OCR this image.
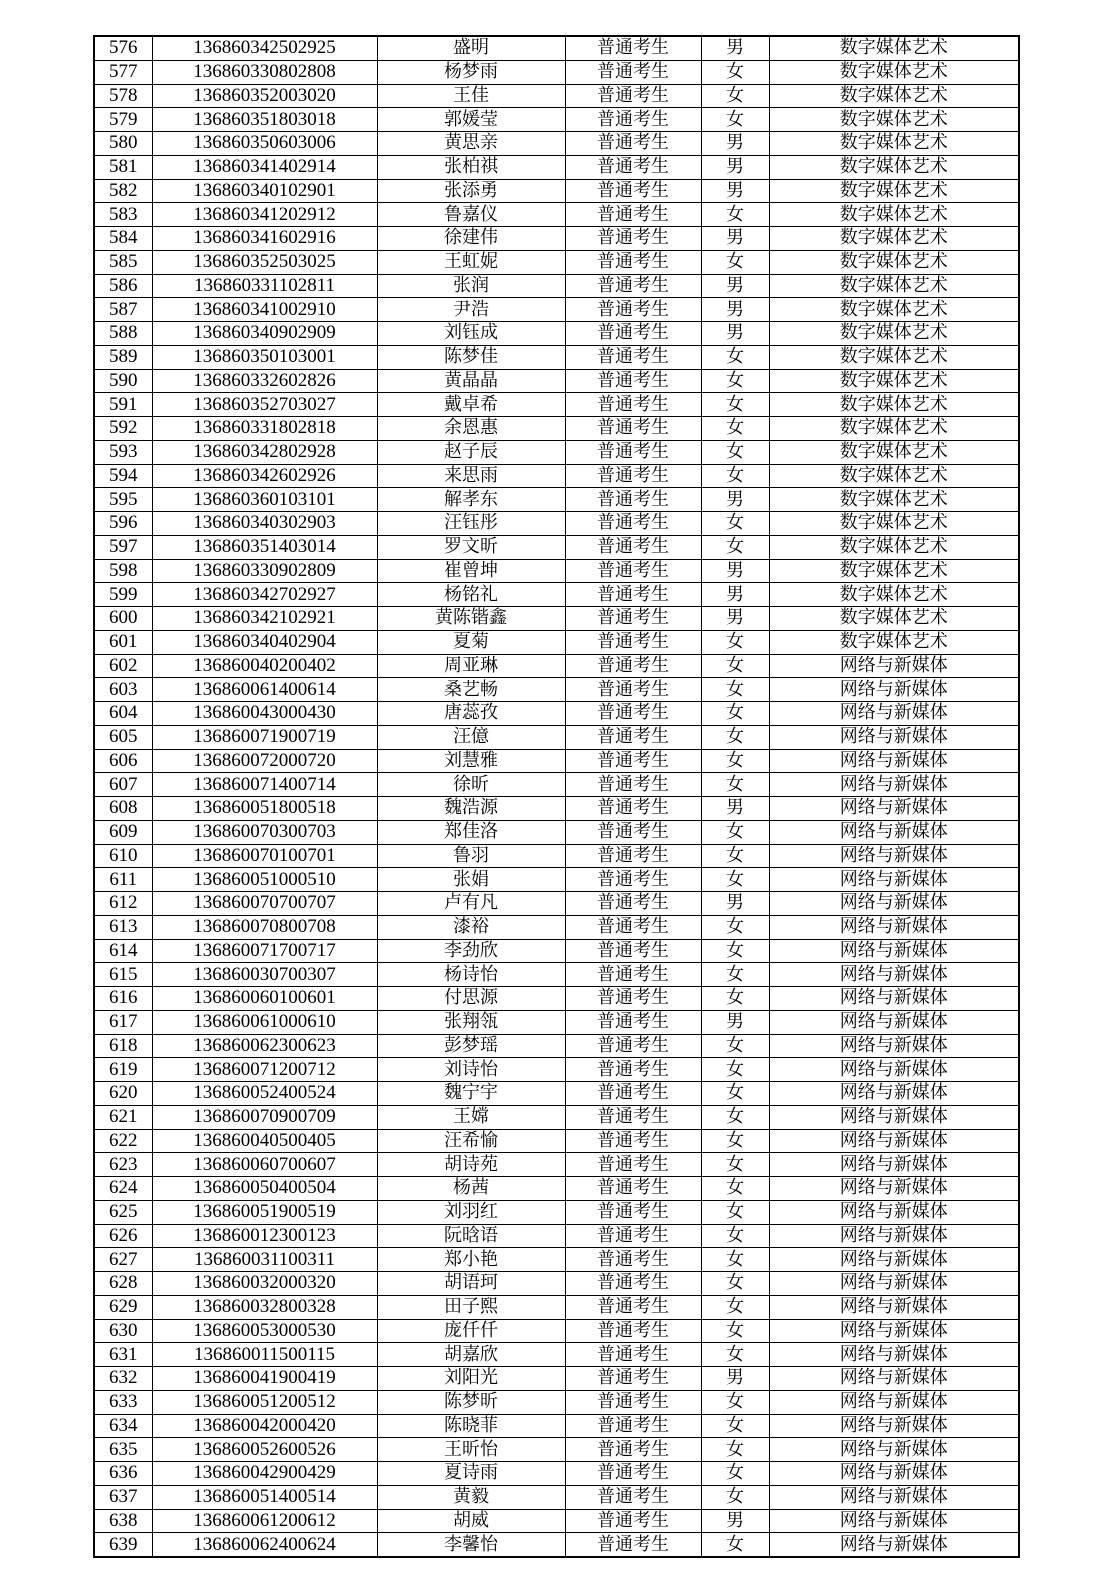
576	136860342502925	盛明	普通考生	男	数字媒体艺术
577	136860330802808	杨梦雨	普通考生	女	数字媒体艺术
578	136860352003020	王佳	普通考生	女	数字媒体艺术
579	136860351803018	郭媛莹	普通考生	女	数字媒体艺术
580	136860350603006	黄思亲	普通考生	男	数字媒体艺术
581	136860341402914	张柏祺	普通考生	男	数字媒体艺术
582	136860340102901	张添勇	普通考生	男	数字媒体艺术
583	136860341202912	鲁嘉仪	普通考生	女	数字媒体艺术
584	136860341602916	徐建伟	普通考生	男	数字媒体艺术
585	136860352503025	王虹妮	普通考生	女	数字媒体艺术
586	136860331102811	张润	普通考生	男	数字媒体艺术
587	136860341002910	尹浩	普通考生	男	数字媒体艺术
588	136860340902909	刘钰成	普通考生	男	数字媒体艺术
589	136860350103001	陈梦佳	普通考生	女	数字媒体艺术
590	136860332602826	黄晶晶	普通考生	女	数字媒体艺术
591	136860352703027	戴卓希	普通考生	女	数字媒体艺术
592	136860331802818	余恩惠	普通考生	女	数字媒体艺术
593	136860342802928	赵子辰	普通考生	女	数字媒体艺术
594	136860342602926	来思雨	普通考生	女	数字媒体艺术
595	136860360103101	解孝东	普通考生	男	数字媒体艺术
596	136860340302903	汪钰彤	普通考生	女	数字媒体艺术
597	136860351403014	罗文昕	普通考生	女	数字媒体艺术
598	136860330902809	崔曾坤	普通考生	男	数字媒体艺术
599	136860342702927	杨铭礼	普通考生	男	数字媒体艺术
600	136860342102921	黄陈锴鑫	普通考生	男	数字媒体艺术
601	136860340402904	夏菊	普通考生	女	数字媒体艺术
602	136860040200402	周亚琳	普通考生	女	网络与新媒体
603	136860061400614	桑艺畅	普通考生	女	网络与新媒体
604	136860043000430	唐蕊孜	普通考生	女	网络与新媒体
605	136860071900719	汪億	普通考生	女	网络与新媒体
606	136860072000720	刘慧雅	普通考生	女	网络与新媒体
607	136860071400714	徐昕	普通考生	女	网络与新媒体
608	136860051800518	魏浩源	普通考生	男	网络与新媒体
609	136860070300703	郑佳洛	普通考生	女	网络与新媒体
610	136860070100701	鲁羽	普通考生	女	网络与新媒体
611	136860051000510	张娟	普通考生	女	网络与新媒体
612	136860070700707	卢有凡	普通考生	男	网络与新媒体
613	136860070800708	漆裕	普通考生	女	网络与新媒体
614	136860071700717	李劲欣	普通考生	女	网络与新媒体
615	136860030700307	杨诗怡	普通考生	女	网络与新媒体
616	136860060100601	付思源	普通考生	女	网络与新媒体
617	136860061000610	张翔瓴	普通考生	男	网络与新媒体
618	136860062300623	彭梦瑶	普通考生	女	网络与新媒体
619	136860071200712	刘诗怡	普通考生	女	网络与新媒体
620	136860052400524	魏宁宇	普通考生	女	网络与新媒体
621	136860070900709	王嫦	普通考生	女	网络与新媒体
622	136860040500405	汪希愉	普通考生	女	网络与新媒体
623	136860060700607	胡诗苑	普通考生	女	网络与新媒体
624	136860050400504	杨茜	普通考生	女	网络与新媒体
625	136860051900519	刘羽红	普通考生	女	网络与新媒体
626	136860012300123	阮晗语	普通考生	女	网络与新媒体
627	136860031100311	郑小艳	普通考生	女	网络与新媒体
628	136860032000320	胡语珂	普通考生	女	网络与新媒体
629	136860032800328	田子熙	普通考生	女	网络与新媒体
630	136860053000530	庞仟仟	普通考生	女	网络与新媒体
631	136860011500115	胡嘉欣	普通考生	女	网络与新媒体
632	136860041900419	刘阳光	普通考生	男	网络与新媒体
633	136860051200512	陈梦昕	普通考生	女	网络与新媒体
634	136860042000420	陈晓菲	普通考生	女	网络与新媒体
635	136860052600526	王昕怡	普通考生	女	网络与新媒体
636	136860042900429	夏诗雨	普通考生	女	网络与新媒体
637	136860051400514	黄毅	普通考生	女	网络与新媒体
638	136860061200612	胡威	普通考生	男	网络与新媒体
639	136860062400624	李馨怡	普通考生	女	网络与新媒体
